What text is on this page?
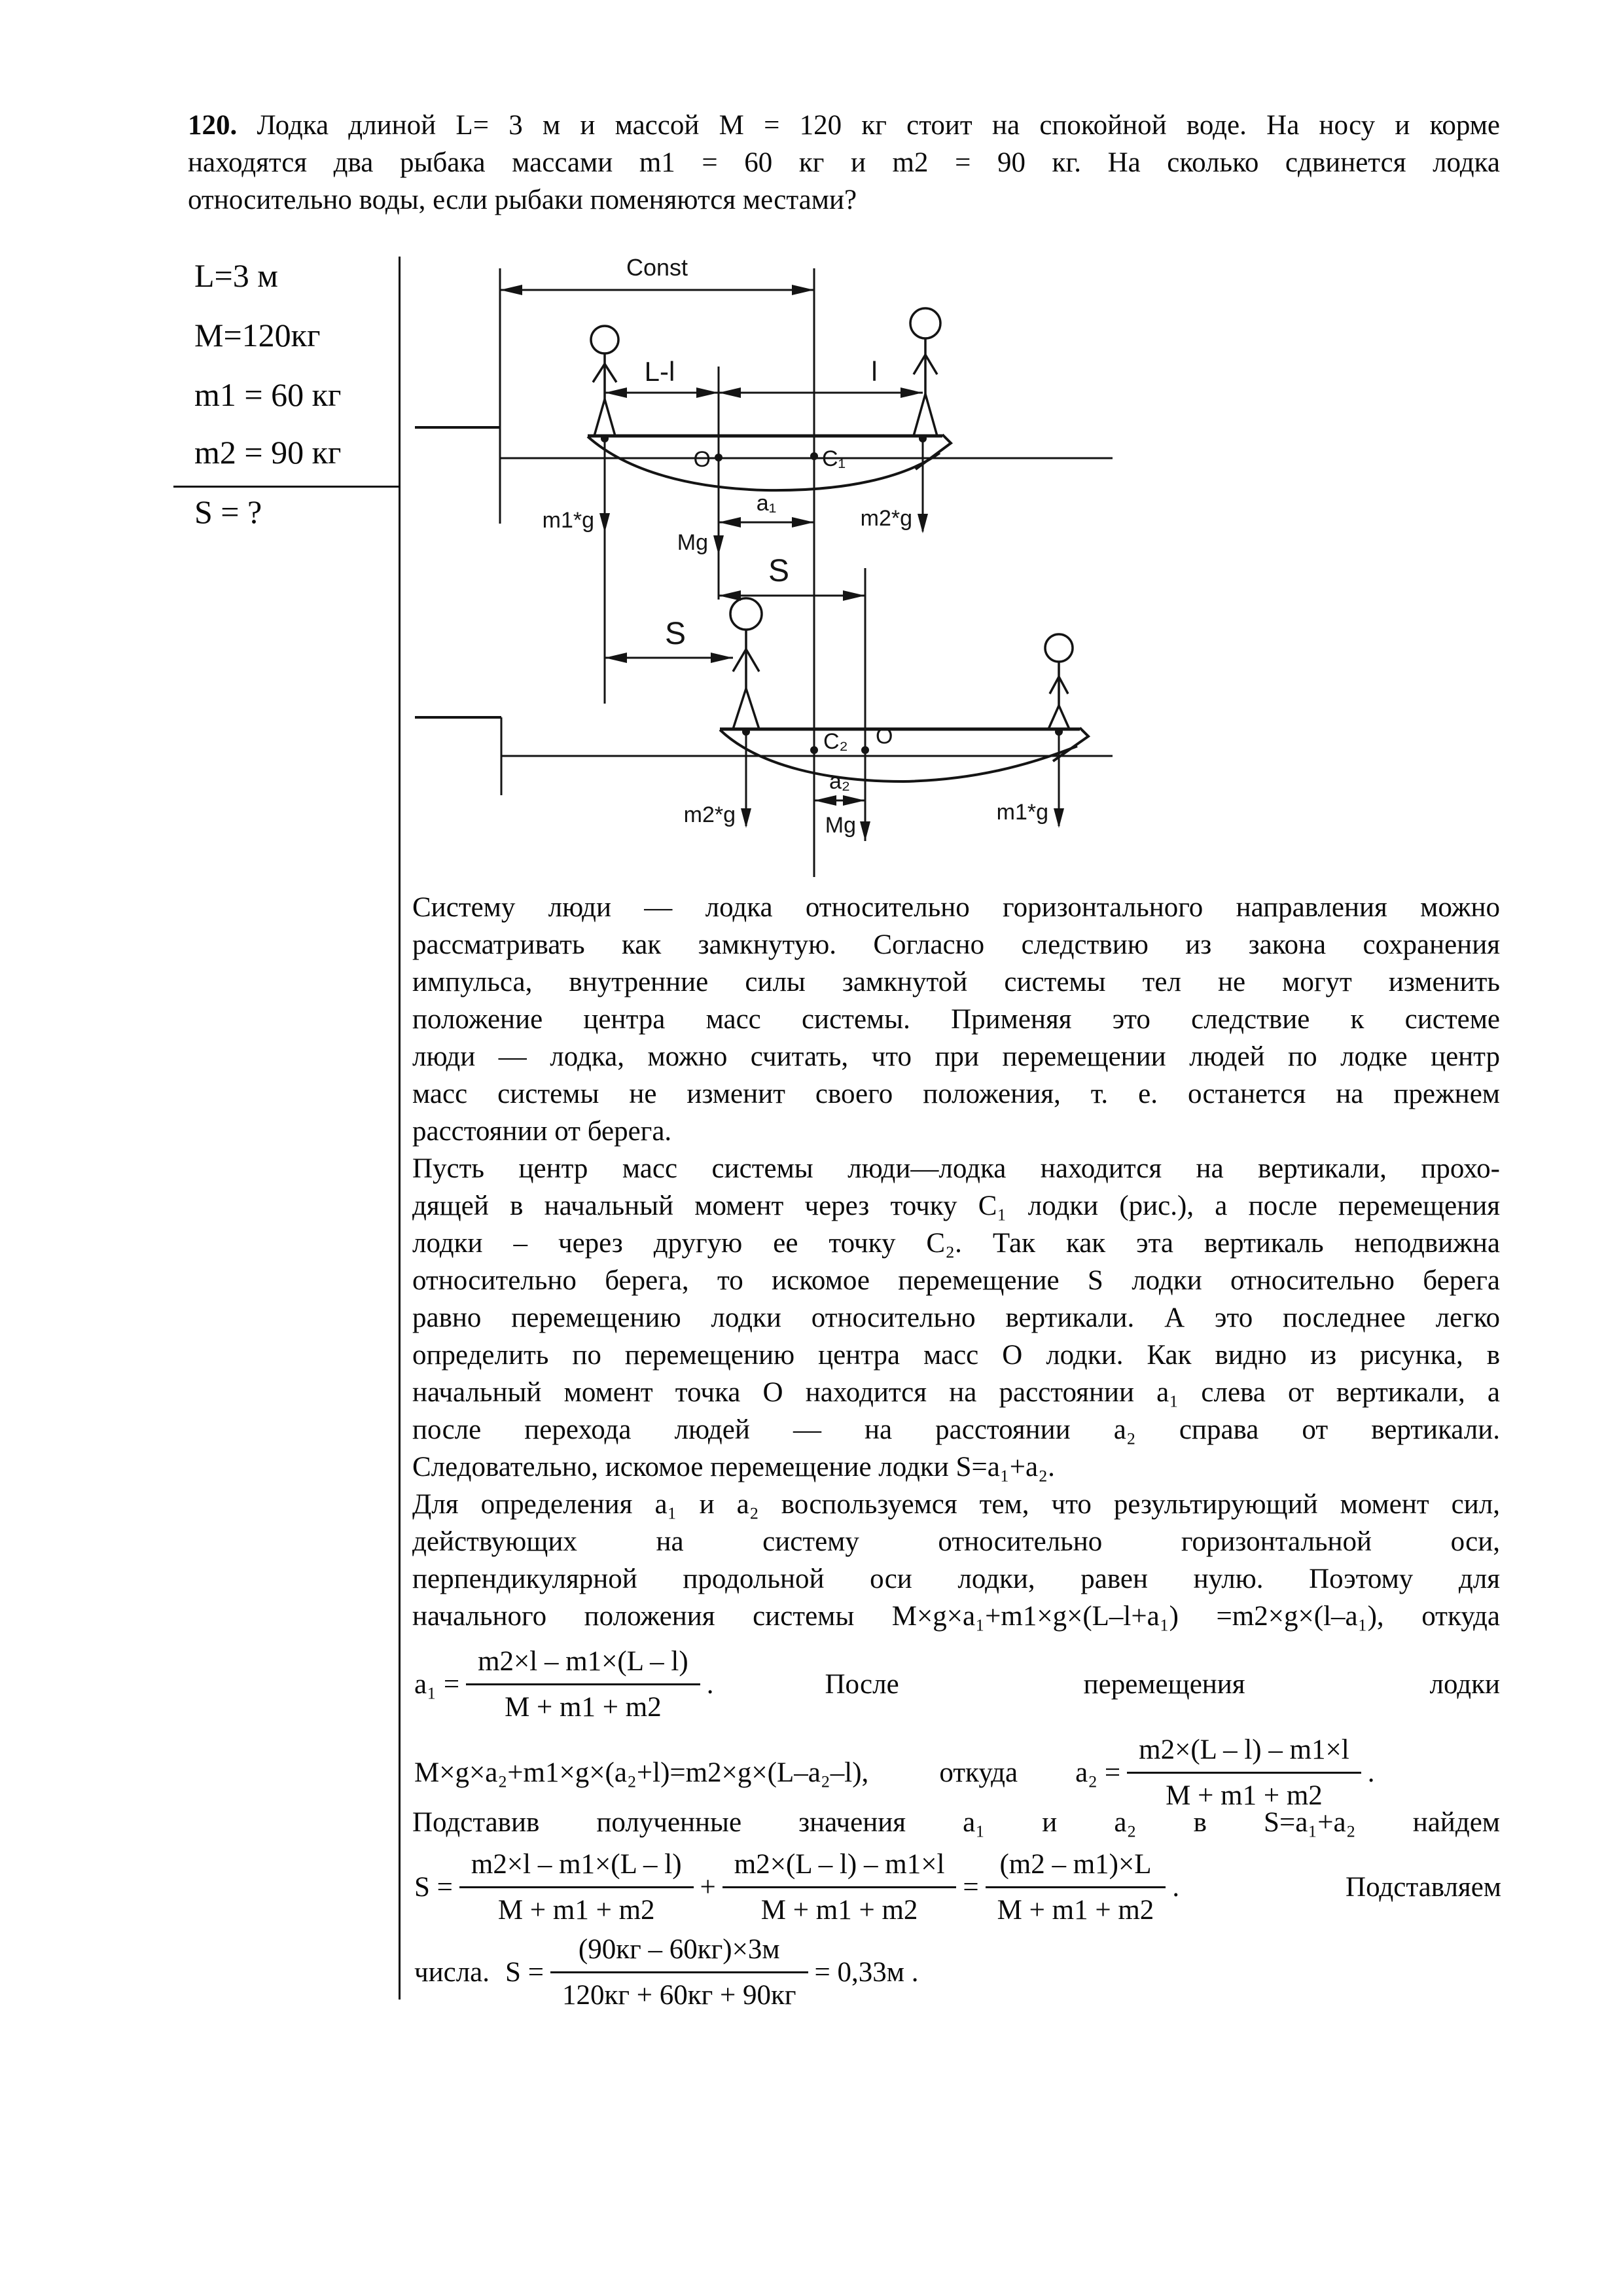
120. Лодка длиной L= 3 м и массой М = 120 кг стоит на спокойной воде. На носу и корме
находятся два рыбака массами m1 = 60 кг и m2 = 90 кг. На сколько сдвинется лодка
относительно воды, если рыбаки поменяются местами?
L=3 м
M=120кг
m1 = 60 кг
m2 = 90 кг
S = ?
Const
L-l	l
O	C₁
a₁
m1*g
Mg
m2*g
S
S
C₂ O
a₂
m2*g	Mg
m1*g
Систему люди — лодка относительно горизонтального направления можно
рассматривать как замкнутую. Согласно следствию из закона сохранения
импульса, внутренние силы замкнутой системы тел не могут изменить
положение центра масс системы. Применяя это следствие к системе
люди — лодка, можно считать, что при перемещении людей по лодке центр
масс системы не изменит своего положения, т. е. останется на прежнем
расстоянии от берега.
Пусть центр масс системы люди—лодка находится на вертикали, прохо-
дящей в начальный момент через точку C₁ лодки (рис.), а после перемещения
лодки – через другую ее точку C₂. Так как эта вертикаль неподвижна
относительно берега, то искомое перемещение S лодки относительно берега
равно перемещению лодки относительно вертикали. А это последнее легко
определить по перемещению центра масс O лодки. Как видно из рисунка, в
начальный момент точка O находится на расстоянии a₁ слева от вертикали, а
после перехода людей — на расстоянии a₂ справа от вертикали.
Следовательно, искомое перемещение лодки S=a₁+a₂.
Для определения a₁ и a₂ воспользуемся тем, что результирующий момент сил,
действующих на систему относительно горизонтальной оси,
перпендикулярной продольной оси лодки, равен нулю. Поэтому для
начального положения системы M×g×a₁+m1×g×(L–l+a₁) =m2×g×(l–a₁), откуда
$a_1 = \frac{m2\times l - m1\times(L - l)}{M + m1 + m2}$ .	После	перемещения	лодки
M×g×a₂+m1×g×(a₂+l)=m2×g×(L–a₂–l),	откуда $a_2 = \frac{m2\times(L - l) - m1\times l}{M + m1 + m2}$ .
Подставив полученные значения a₁ и a₂ в S=a₁+a₂ найдем
$S = \frac{m2\times l - m1\times(L - l)}{M + m1 + m2} + \frac{m2\times(L - l) - m1\times l}{M + m1 + m2} = \frac{(m2 - m1)\times L}{M + m1 + m2}$ .	Подставляем
числа. $S = \frac{(90кг - 60кг)\times 3м}{120кг + 60кг + 90кг} = 0,33м$ .
